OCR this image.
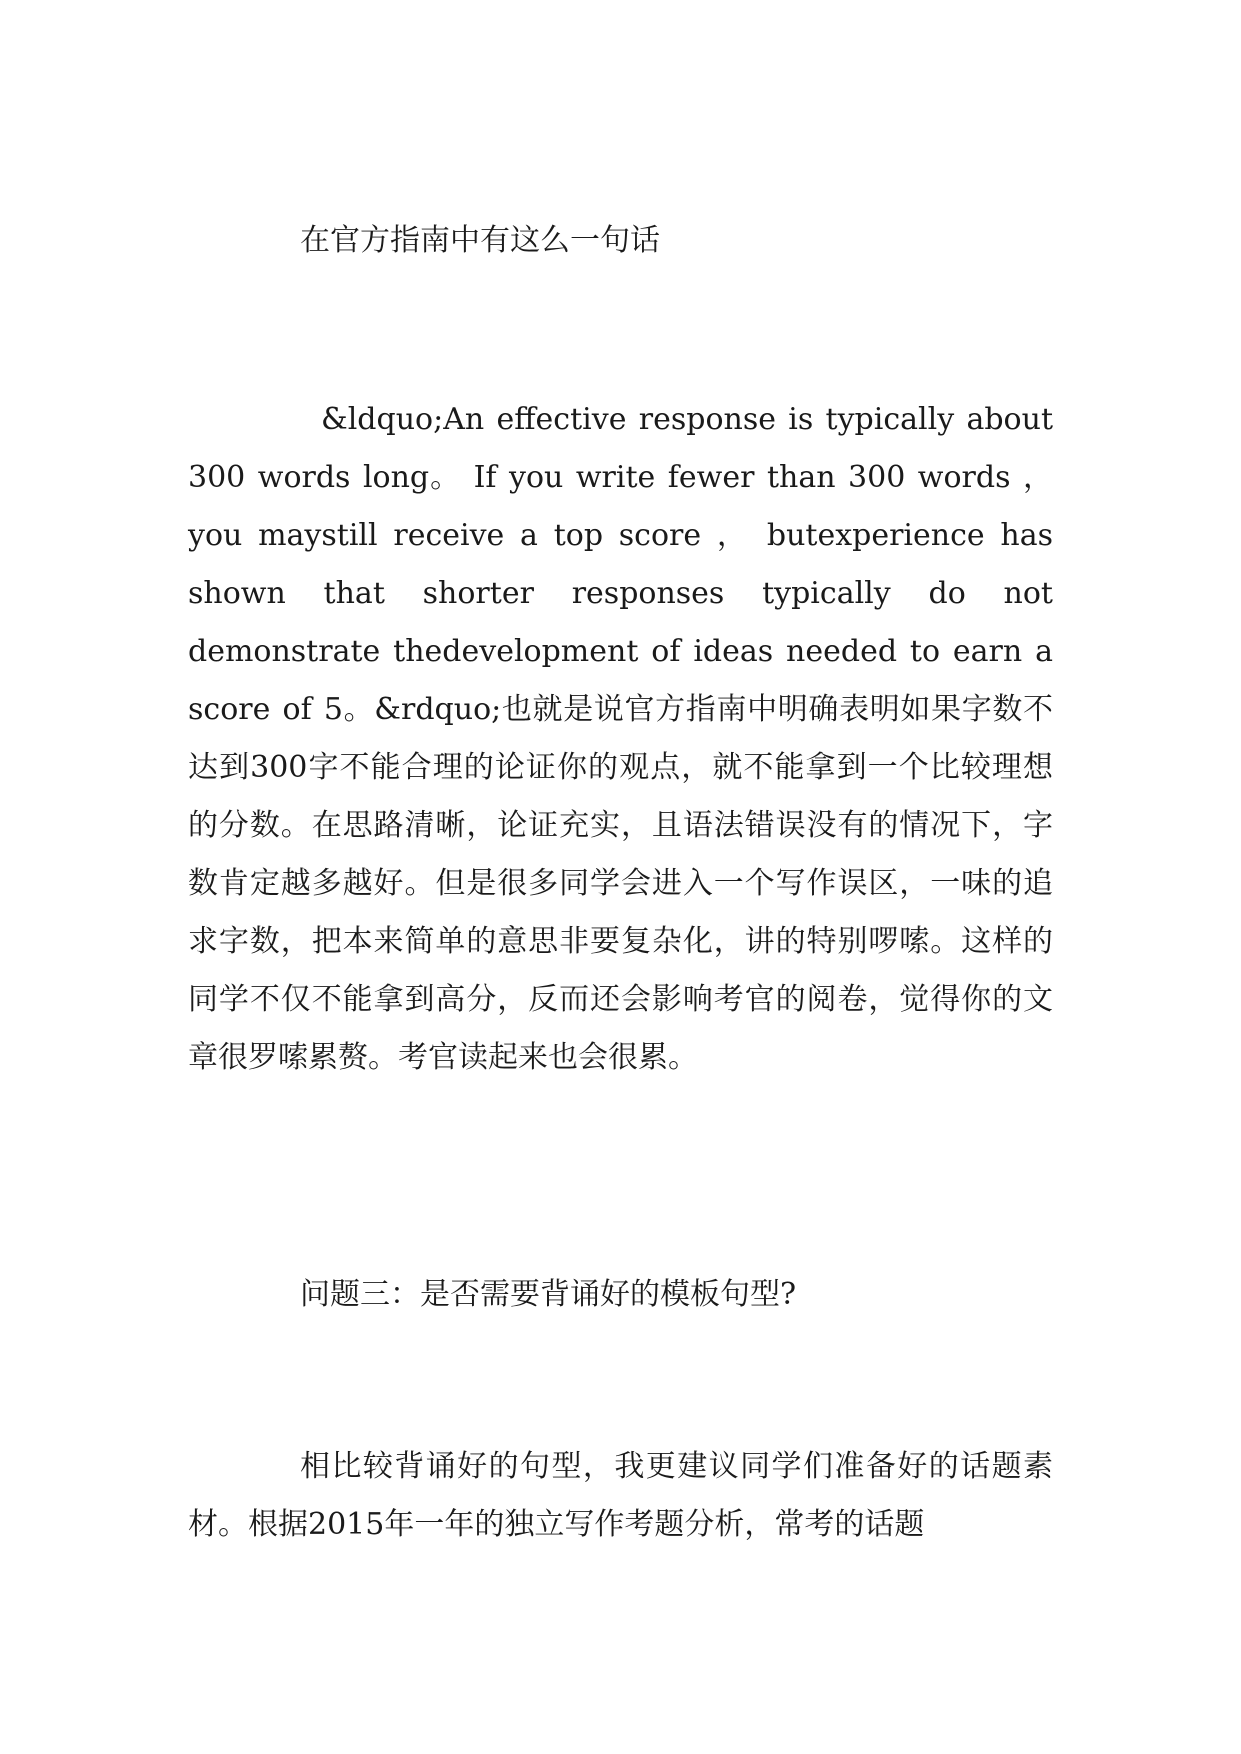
在官方指南中有这么一句话

&ldquo;An effective response is typically about 300 words long。 If you write fewer than 300 words ， you maystill receive a top score ， butexperience has shown that shorter responses typically do not demonstrate thedevelopment of ideas needed to earn a score of 5。&rdquo;也就是说官方指南中明确表明如果字数不达到300字不能合理的论证你的观点，就不能拿到一个比较理想的分数。在思路清晰，论证充实，且语法错误没有的情况下，字数肯定越多越好。但是很多同学会进入一个写作误区，一味的追求字数，把本来简单的意思非要复杂化，讲的特别啰嗦。这样的同学不仅不能拿到高分，反而还会影响考官的阅卷，觉得你的文章很罗嗦累赘。考官读起来也会很累。

问题三：是否需要背诵好的模板句型?

相比较背诵好的句型，我更建议同学们准备好的话题素材。根据2015年一年的独立写作考题分析，常考的话题
